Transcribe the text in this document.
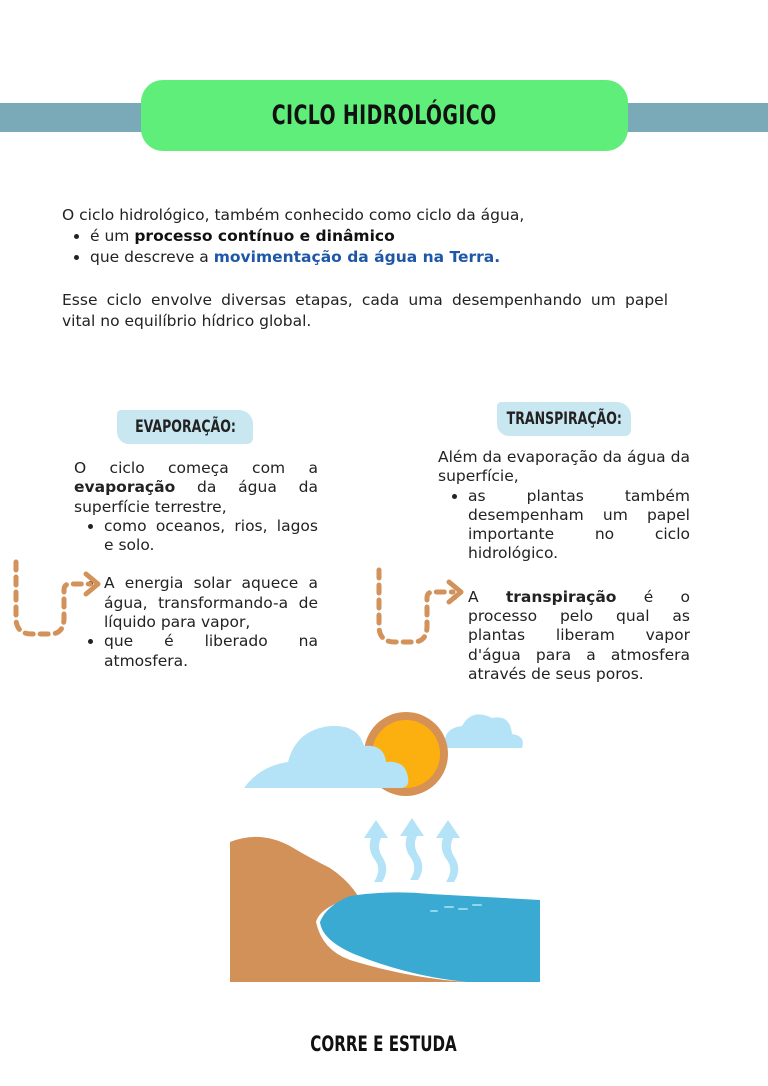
CICLO HIDROLÓGICO

O ciclo hidrológico, também conhecido como ciclo da água,

• é um processo contínuo e dinâmico
• que descreve a movimentação da água na Terra.

Esse ciclo envolve diversas etapas, cada uma desempenhando um papel vital no equilíbrio hídrico global.

EVAPORAÇÃO:	TRANSPIRAÇÃO:

O ciclo começa com a evaporação da água da superfície terrestre,

• como oceanos, rios, lagos e solo.
• A energia solar aquece a água, transformando-a de líquido para vapor,
• que é liberado na atmosfera.

Além da evaporação da água da superfície,

• as plantas também desempenham um papel importante no ciclo hidrológico.
• A transpiração é o processo pelo qual as plantas liberam vapor d'água para a atmosfera através de seus poros.
CORRE E ESTUDA
